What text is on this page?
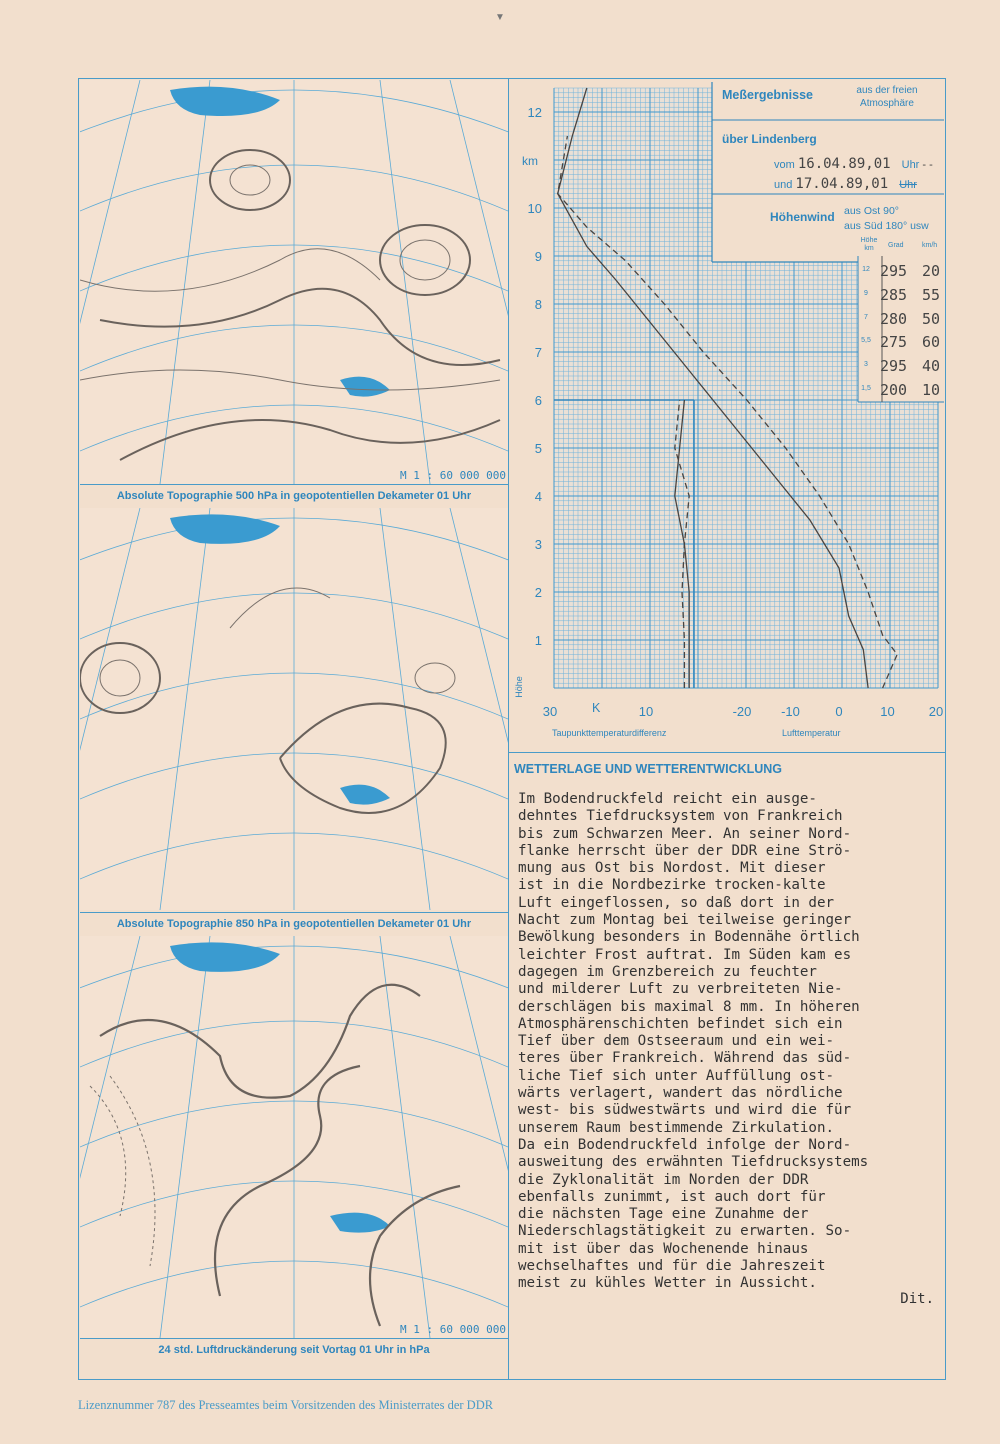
▼
M 1 : 60 000 000
Absolute Topographie 500 hPa in geopotentiellen Dekameter 01 Uhr
Absolute Topographie 850 hPa in geopotentiellen Dekameter 01 Uhr
M 1 : 60 000 000
24 std. Luftdruckänderung seit Vortag 01 Uhr in hPa
1
2
3
4
5
6
7
8
9
10
12
30	10	-20 -10	0	10	20
Meßergebnisse	aus der freien Atmosphäre
über Lindenberg
vom 16.04.89,01 Uhr - -
und 17.04.89,01 Uhr
Höhenwind aus Ost 90°
aus Süd 180° usw
Höhe km	Grad	km/h
12 295 20
9 285 55
7 280 50
5,5 275 60
3 295 40
1,5 200 10
km
Höhe
K
Taupunkttemperaturdifferenz	Lufttemperatur
WETTERLAGE UND WETTERENTWICKLUNG
Im Bodendruckfeld reicht ein ausge-
dehntes Tiefdrucksystem von Frankreich
bis zum Schwarzen Meer. An seiner Nord-
flanke herrscht über der DDR eine Strö-
mung aus Ost bis Nordost. Mit dieser
ist in die Nordbezirke trocken-kalte
Luft eingeflossen, so daß dort in der
Nacht zum Montag bei teilweise geringer
Bewölkung besonders in Bodennähe örtlich
leichter Frost auftrat. Im Süden kam es
dagegen im Grenzbereich zu feuchter
und milderer Luft zu verbreiteten Nie-
derschlägen bis maximal 8 mm. In höheren
Atmosphärenschichten befindet sich ein
Tief über dem Ostseeraum und ein wei-
teres über Frankreich. Während das süd-
liche Tief sich unter Auffüllung ost-
wärts verlagert, wandert das nördliche
west- bis südwestwärts und wird die für
unserem Raum bestimmende Zirkulation.
Da ein Bodendruckfeld infolge der Nord-
ausweitung des erwähnten Tiefdrucksystems
die Zyklonalität im Norden der DDR
ebenfalls zunimmt, ist auch dort für
die nächsten Tage eine Zunahme der
Niederschlagstätigkeit zu erwarten. So-
mit ist über das Wochenende hinaus
wechselhaftes und für die Jahreszeit
meist zu kühles Wetter in Aussicht.
Dit.
Lizenznummer 787 des Presseamtes beim Vorsitzenden des Ministerrates der DDR
